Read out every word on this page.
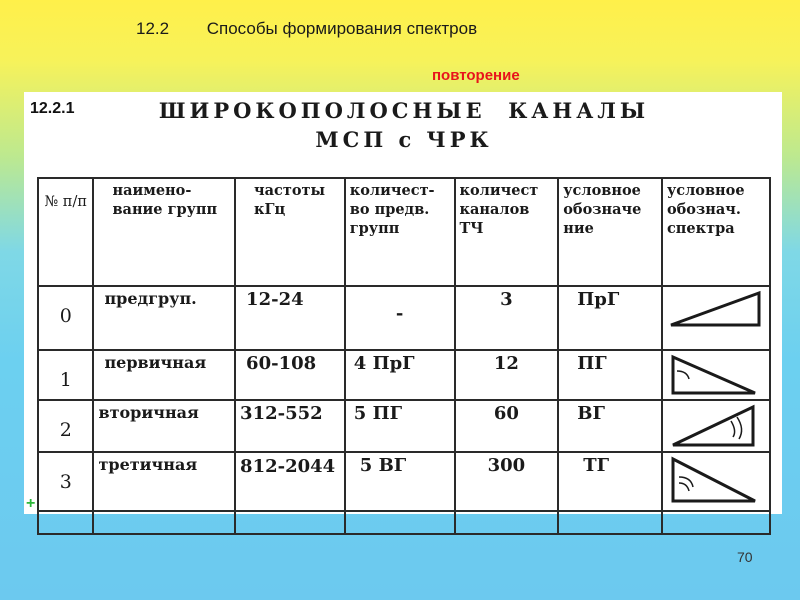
12.2 Способы формирования спектров
повторение
12.2.1	ШИРОКОПОЛОСНЫЕ  КАНАЛЫ
МСП с ЧРК
№ п/п	наимено- вание групп	частоты кГц	количест- во предв. групп	количест каналов ТЧ	условное обозначе ние	условное обознач. спектра

0	предгруп.	12-24	-	3	ПрГ	

1	первичная	60-108	4 ПрГ	12	ПГ	

2	вторичная	312-552	5 ПГ	60	ВГ	

3	третичная	812-2044	5 ВГ	300	ТГ	

+
70
